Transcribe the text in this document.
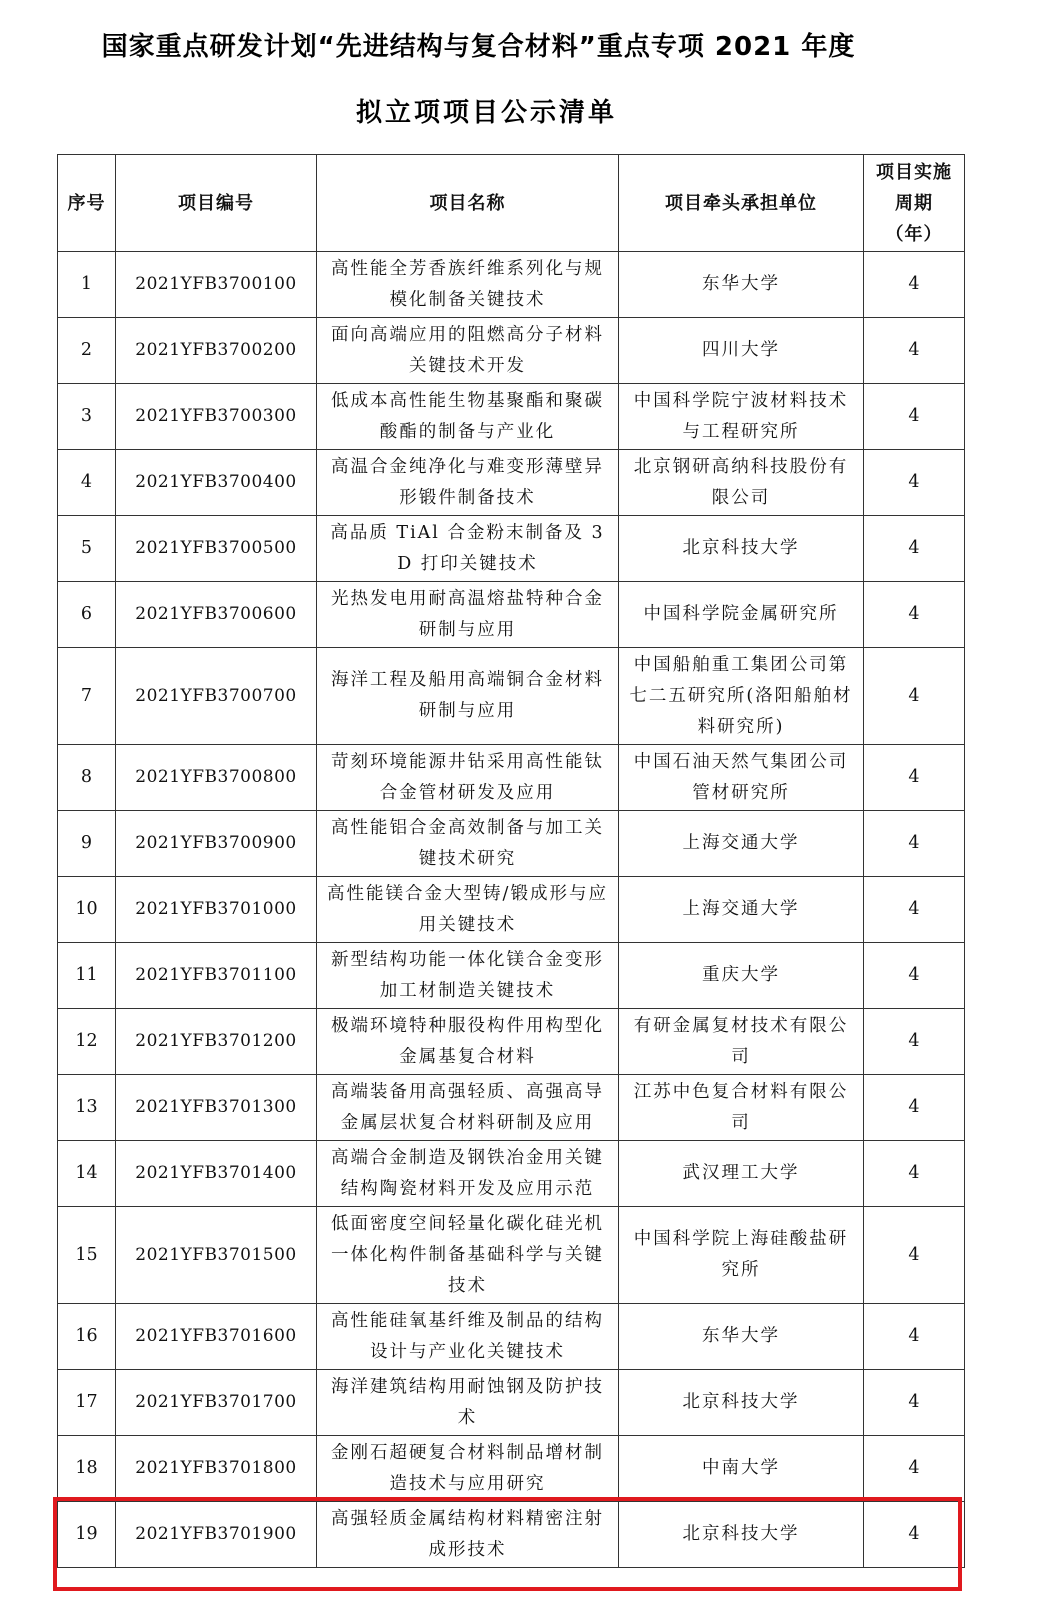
国家重点研发计划“先进结构与复合材料”重点专项 2021 年度
拟立项项目公示清单
序号	项目编号	项目名称	项目牵头承担单位	项目实施周期（年）
1	2021YFB3700100	高性能全芳香族纤维系列化与规模化制备关键技术	东华大学	4
2	2021YFB3700200	面向高端应用的阻燃高分子材料关键技术开发	四川大学	4
3	2021YFB3700300	低成本高性能生物基聚酯和聚碳酸酯的制备与产业化	中国科学院宁波材料技术与工程研究所	4
4	2021YFB3700400	高温合金纯净化与难变形薄壁异形锻件制备技术	北京钢研高纳科技股份有限公司	4
5	2021YFB3700500	高品质 TiAl 合金粉末制备及 3D 打印关键技术	北京科技大学	4
6	2021YFB3700600	光热发电用耐高温熔盐特种合金研制与应用	中国科学院金属研究所	4
7	2021YFB3700700	海洋工程及船用高端铜合金材料研制与应用	中国船舶重工集团公司第七二五研究所(洛阳船舶材料研究所)	4
8	2021YFB3700800	苛刻环境能源井钻采用高性能钛合金管材研发及应用	中国石油天然气集团公司管材研究所	4
9	2021YFB3700900	高性能铝合金高效制备与加工关键技术研究	上海交通大学	4
10	2021YFB3701000	高性能镁合金大型铸/锻成形与应用关键技术	上海交通大学	4
11	2021YFB3701100	新型结构功能一体化镁合金变形加工材制造关键技术	重庆大学	4
12	2021YFB3701200	极端环境特种服役构件用构型化金属基复合材料	有研金属复材技术有限公司	4
13	2021YFB3701300	高端装备用高强轻质、高强高导金属层状复合材料研制及应用	江苏中色复合材料有限公司	4
14	2021YFB3701400	高端合金制造及钢铁冶金用关键结构陶瓷材料开发及应用示范	武汉理工大学	4
15	2021YFB3701500	低面密度空间轻量化碳化硅光机一体化构件制备基础科学与关键技术	中国科学院上海硅酸盐研究所	4
16	2021YFB3701600	高性能硅氧基纤维及制品的结构设计与产业化关键技术	东华大学	4
17	2021YFB3701700	海洋建筑结构用耐蚀钢及防护技术	北京科技大学	4
18	2021YFB3701800	金刚石超硬复合材料制品增材制造技术与应用研究	中南大学	4
19	2021YFB3701900	高强轻质金属结构材料精密注射成形技术	北京科技大学	4
